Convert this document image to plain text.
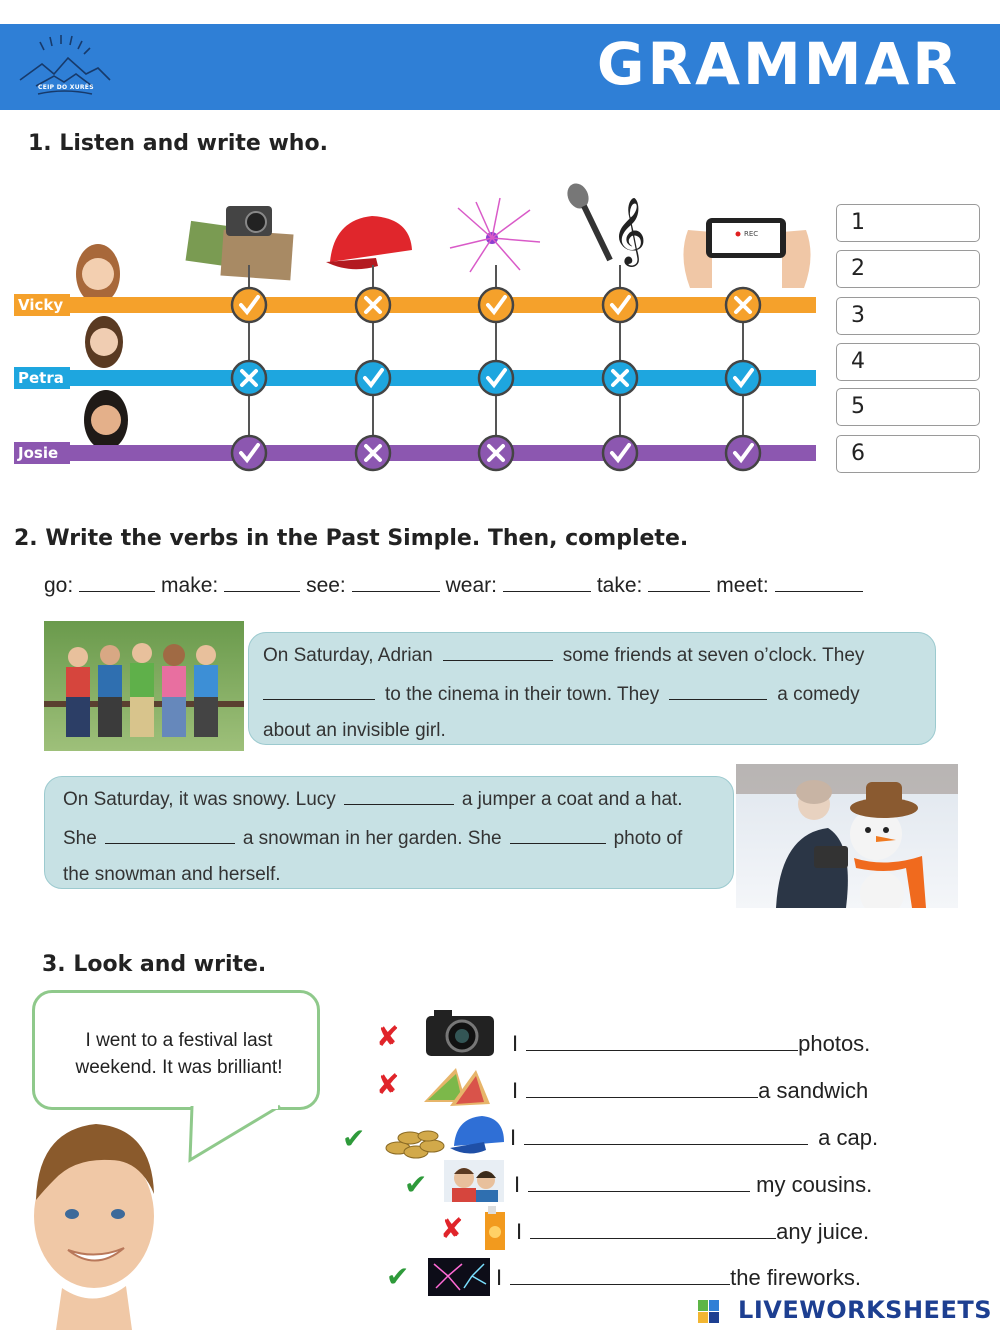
CEIP DO XURÉS	GRAMMAR
1. Listen and write who.
𝄞	REC
Vicky
Petra
Josie
1
2
3
4
5
6
2. Write the verbs in the Past Simple. Then, complete.
go:	make:	see:	wear:	take:	meet:

On Saturday, Adrian	some friends at seven o’clock. They

to the cinema in their town. They	a comedy

about an invisible girl.

On Saturday, it was snowy. Lucy	a jumper a coat and a hat.

She	a snowman in her garden. She	photo of

the snowman and herself.

3. Look and write.
I went to a festival last weekend. It was brilliant!
✘
✘
✔
✔
✘
✔
I	photos.
I	a sandwich
I	a cap.
I	my cousins.
I	any juice.
I	the fireworks.
LIVEWORKSHEETS
